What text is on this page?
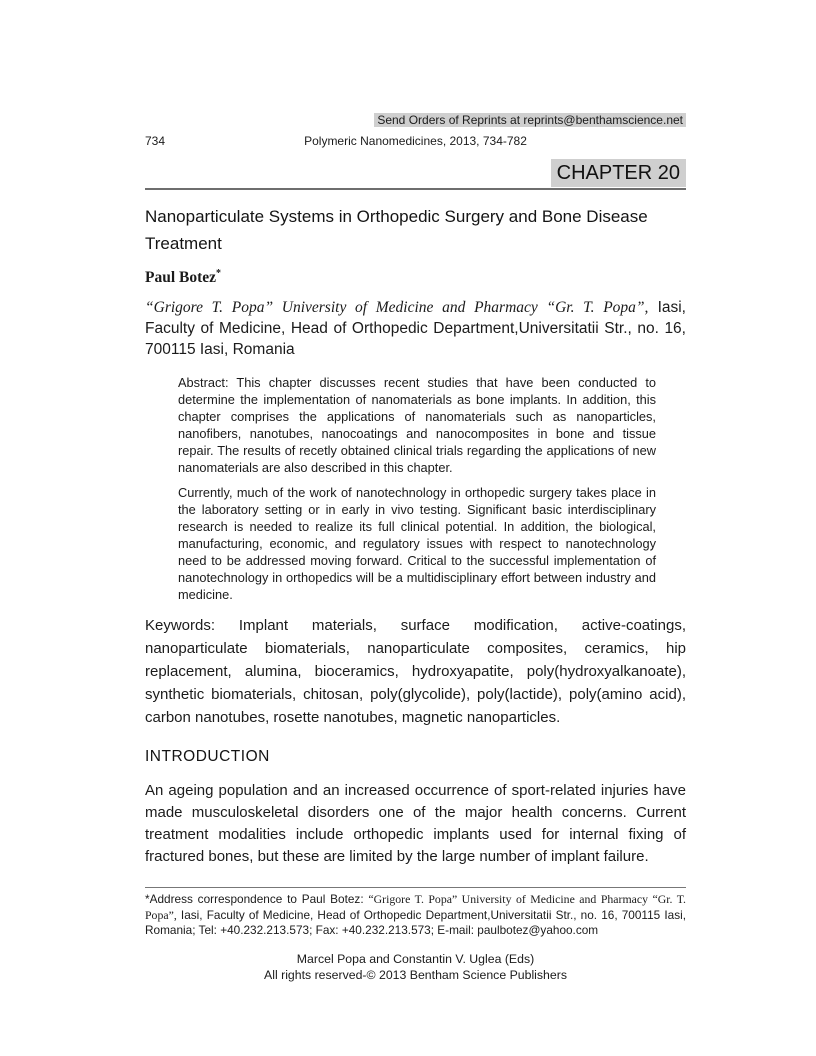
Send Orders of Reprints at reprints@benthamscience.net
734	Polymeric Nanomedicines, 2013, 734-782
CHAPTER 20
Nanoparticulate Systems in Orthopedic Surgery and Bone Disease Treatment

Paul Botez*

“Grigore T. Popa” University of Medicine and Pharmacy “Gr. T. Popa”, Iasi, Faculty of Medicine, Head of Orthopedic Department,Universitatii Str., no. 16, 700115 Iasi, Romania

Abstract: This chapter discusses recent studies that have been conducted to determine the implementation of nanomaterials as bone implants. In addition, this chapter comprises the applications of nanomaterials such as nanoparticles, nanofibers, nanotubes, nanocoatings and nanocomposites in bone and tissue repair. The results of recetly obtained clinical trials regarding the applications of new nanomaterials are also described in this chapter.

Currently, much of the work of nanotechnology in orthopedic surgery takes place in the laboratory setting or in early in vivo testing. Significant basic interdisciplinary research is needed to realize its full clinical potential. In addition, the biological, manufacturing, economic, and regulatory issues with respect to nanotechnology need to be addressed moving forward. Critical to the successful implementation of nanotechnology in orthopedics will be a multidisciplinary effort between industry and medicine.

Keywords: Implant materials, surface modification, active-coatings, nanoparticulate biomaterials, nanoparticulate composites, ceramics, hip replacement, alumina, bioceramics, hydroxyapatite, poly(hydroxyalkanoate), synthetic biomaterials, chitosan, poly(glycolide), poly(lactide), poly(amino acid), carbon nanotubes, rosette nanotubes, magnetic nanoparticles.

INTRODUCTION

An ageing population and an increased occurrence of sport-related injuries have made musculoskeletal disorders one of the major health concerns. Current treatment modalities include orthopedic implants used for internal fixing of fractured bones, but these are limited by the large number of implant failure.

*Address correspondence to Paul Botez: “Grigore T. Popa” University of Medicine and Pharmacy “Gr. T. Popa”, Iasi, Faculty of Medicine, Head of Orthopedic Department,Universitatii Str., no. 16, 700115 Iasi, Romania; Tel: +40.232.213.573; Fax: +40.232.213.573; E-mail: paulbotez@yahoo.com
Marcel Popa and Constantin V. Uglea (Eds)
All rights reserved-© 2013 Bentham Science Publishers
